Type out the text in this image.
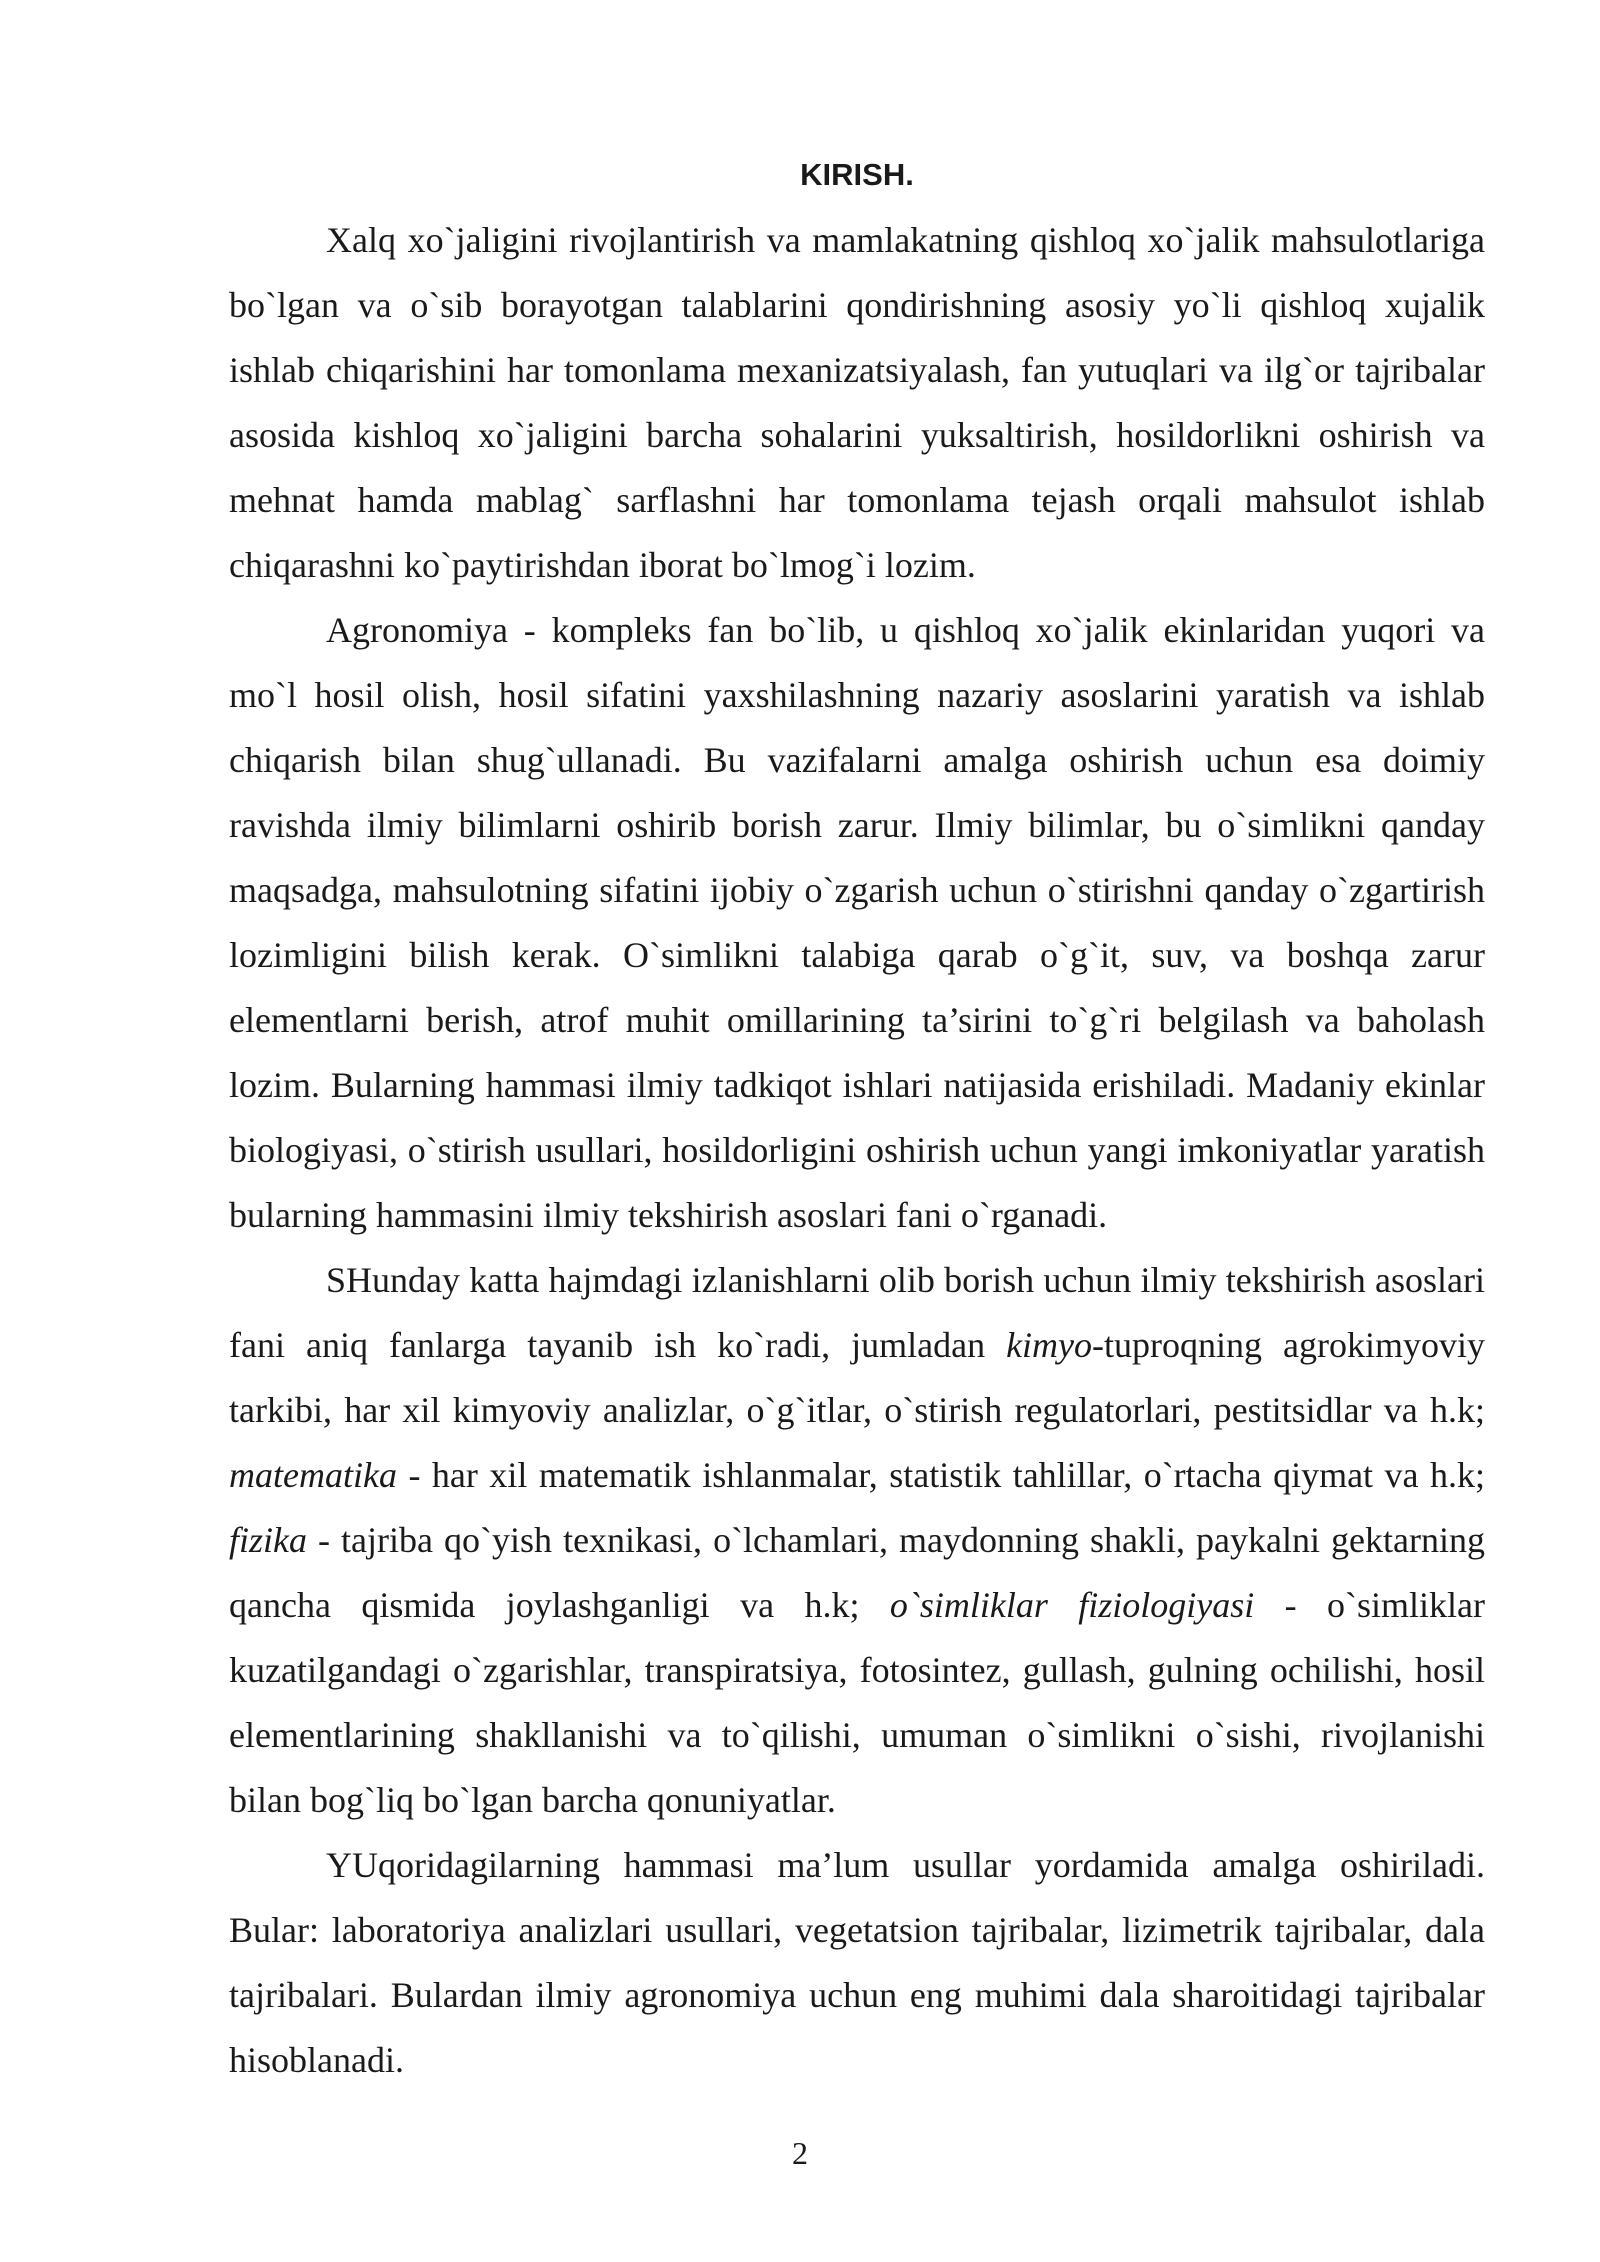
KIRISH.

Xalq xo`jaligini rivojlantirish va mamlakatning qishloq xo`jalik mahsulotlariga bo`lgan va o`sib borayotgan talablarini qondirishning asosiy yo`li qishloq xujalik ishlab chiqarishini har tomonlama mexanizatsiyalash, fan yutuqlari va ilg`or tajribalar asosida kishloq xo`jaligini barcha sohalarini yuksaltirish, hosildorlikni oshirish va mehnat hamda mablag` sarflashni har tomonlama tejash orqali mahsulot ishlab chiqarashni ko`paytirishdan iborat bo`lmog`i lozim.

Agronomiya - kompleks fan bo`lib, u qishloq xo`jalik ekinlaridan yuqori va mo`l hosil olish, hosil sifatini yaxshilashning nazariy asoslarini yaratish va ishlab chiqarish bilan shug`ullanadi. Bu vazifalarni amalga oshirish uchun esa doimiy ravishda ilmiy bilimlarni oshirib borish zarur. Ilmiy bilimlar, bu o`simlikni qanday maqsadga, mahsulotning sifatini ijobiy o`zgarish uchun o`stirishni qanday o`zgartirish lozimligini bilish kerak. O`simlikni talabiga qarab o`g`it, suv, va boshqa zarur elementlarni berish, atrof muhit omillarining ta’sirini to`g`ri belgilash va baholash lozim. Bularning hammasi ilmiy tadkiqot ishlari natijasida erishiladi. Madaniy ekinlar biologiyasi, o`stirish usullari, hosildorligini oshirish uchun yangi imkoniyatlar yaratish bularning hammasini ilmiy tekshirish asoslari fani o`rganadi.

SHunday katta hajmdagi izlanishlarni olib borish uchun ilmiy tekshirish asoslari fani aniq fanlarga tayanib ish ko`radi, jumladan kimyo-tuproqning agrokimyoviy tarkibi, har xil kimyoviy analizlar, o`g`itlar, o`stirish regulatorlari, pestitsidlar va h.k; matematika - har xil matematik ishlanmalar, statistik tahlillar, o`rtacha qiymat va h.k; fizika - tajriba qo`yish texnikasi, o`lchamlari, maydonning shakli, paykalni gektarning qancha qismida joylashganligi va h.k; o`simliklar fiziologiyasi - o`simliklar kuzatilgandagi o`zgarishlar, transpiratsiya, fotosintez, gullash, gulning ochilishi, hosil elementlarining shakllanishi va to`qilishi, umuman o`simlikni o`sishi, rivojlanishi bilan bog`liq bo`lgan barcha qonuniyatlar.

YUqoridagilarning hammasi ma’lum usullar yordamida amalga oshiriladi. Bular: laboratoriya analizlari usullari, vegetatsion tajribalar, lizimetrik tajribalar, dala tajribalari. Bulardan ilmiy agronomiya uchun eng muhimi dala sharoitidagi tajribalar hisoblanadi.

2
